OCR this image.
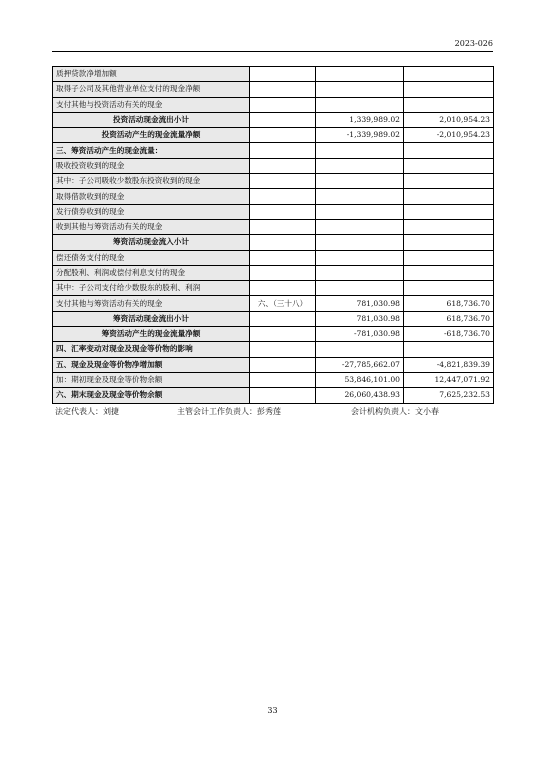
2023-026
质押贷款净增加额			
取得子公司及其他营业单位支付的现金净额			
支付其他与投资活动有关的现金			
投资活动现金流出小计		1,339,989.02	2,010,954.23
投资活动产生的现金流量净额		-1,339,989.02	-2,010,954.23
三、筹资活动产生的现金流量：			
吸收投资收到的现金			
其中：子公司吸收少数股东投资收到的现金			
取得借款收到的现金			
发行债券收到的现金			
收到其他与筹资活动有关的现金			
筹资活动现金流入小计			
偿还债务支付的现金			
分配股利、利润或偿付利息支付的现金			
其中：子公司支付给少数股东的股利、利润			
支付其他与筹资活动有关的现金	六、（三十八）	781,030.98	618,736.70
筹资活动现金流出小计		781,030.98	618,736.70
筹资活动产生的现金流量净额		-781,030.98	-618,736.70
四、汇率变动对现金及现金等价物的影响			
五、现金及现金等价物净增加额		-27,785,662.07	-4,821,839.39
加：期初现金及现金等价物余额		53,846,101.00	12,447,071.92
六、期末现金及现金等价物余额		26,060,438.93	7,625,232.53
法定代表人：刘捷	主管会计工作负责人：彭秀莲	会计机构负责人：文小春
33
